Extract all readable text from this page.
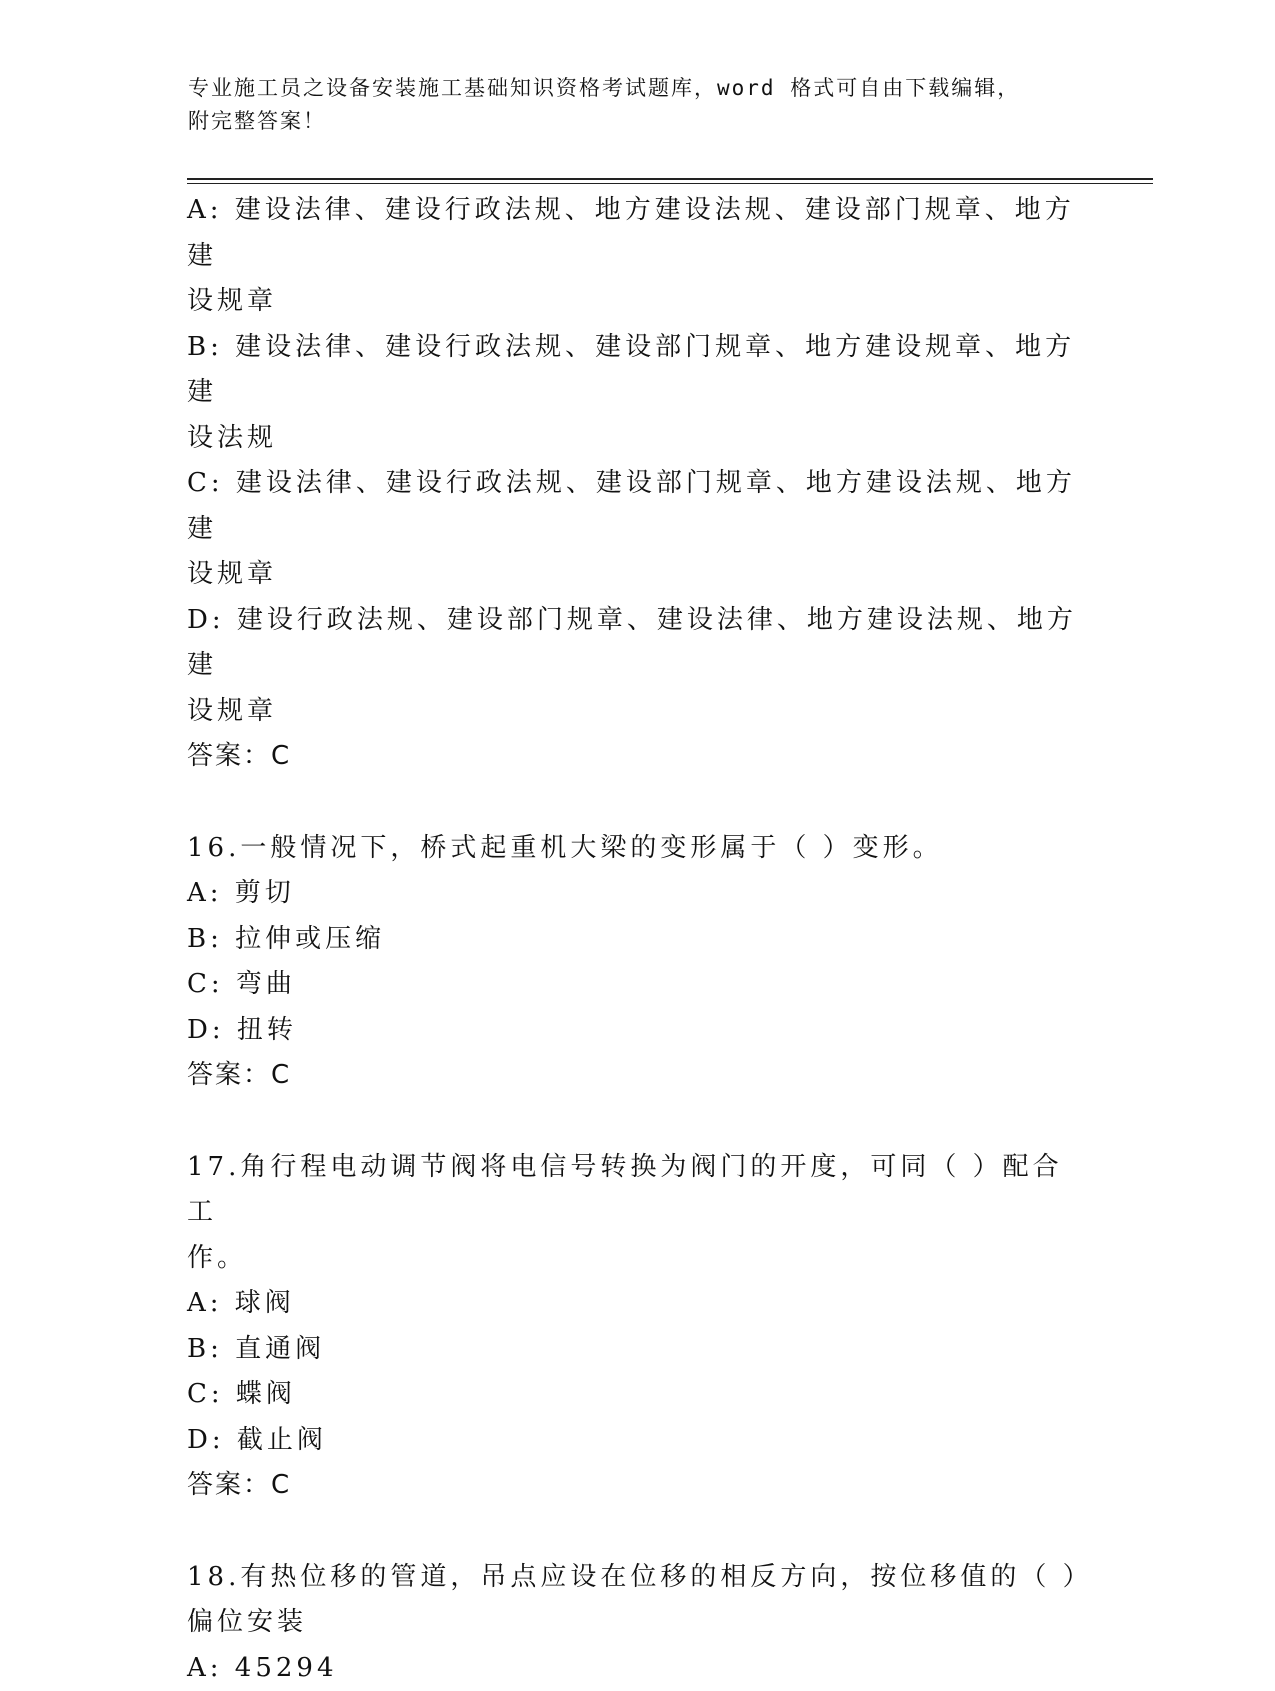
专业施工员之设备安装施工基础知识资格考试题库，word 格式可自由下载编辑，
附完整答案！
A: 建设法律、建设行政法规、地方建设法规、建设部门规章、地方建
设规章
B: 建设法律、建设行政法规、建设部门规章、地方建设规章、地方建
设法规
C: 建设法律、建设行政法规、建设部门规章、地方建设法规、地方建
设规章
D: 建设行政法规、建设部门规章、建设法律、地方建设法规、地方建
设规章
答案：C
16.一般情况下，桥式起重机大梁的变形属于（ ）变形。
A: 剪切
B: 拉伸或压缩
C: 弯曲
D: 扭转
答案：C
17.角行程电动调节阀将电信号转换为阀门的开度，可同（ ）配合工
作。
A: 球阀
B: 直通阀
C: 蝶阀
D: 截止阀
答案：C
18.有热位移的管道，吊点应设在位移的相反方向，按位移值的（ ）
偏位安装
A: 45294
